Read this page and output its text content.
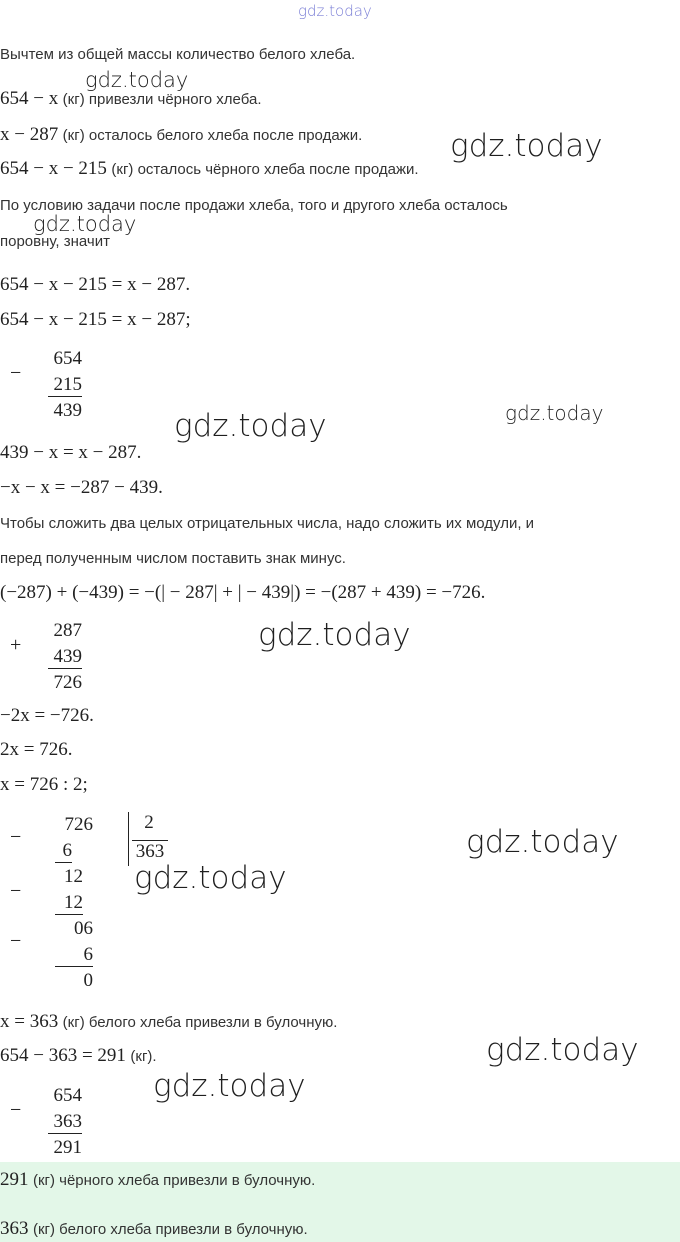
gdz.today
gdz.today
gdz.today
gdz.today
gdz.today	gdz.today
gdz.today
gdz.today
gdz.today
gdz.today
gdz.today
Вычтем из общей массы количество белого хлеба.
654 − x (кг) привезли чёрного хлеба.
x − 287 (кг) осталось белого хлеба после продажи.
654 − x − 215 (кг) осталось чёрного хлеба после продажи.
По условию задачи после продажи хлеба, того и другого хлеба осталось
поровну, значит
654 − x − 215 = x − 287.
654 − x − 215 = x − 287;
−
654
215
439
439 − x = x − 287.
−x − x = −287 − 439.
Чтобы сложить два целых отрицательных числа, надо сложить их модули, и
перед полученным числом поставить знак минус.
(−287) + (−439) = −(| − 287| + | − 439|) = −(287 + 439) = −726.
+
287
439
726
−2x = −726.
2x = 726.
x = 726 : 2;
−
−
−
726
6
12
12
06
6
0
2
363
x = 363 (кг) белого хлеба привезли в булочную.
654 − 363 = 291 (кг).
−
654
363
291
291 (кг) чёрного хлеба привезли в булочную.
363 (кг) белого хлеба привезли в булочную.
